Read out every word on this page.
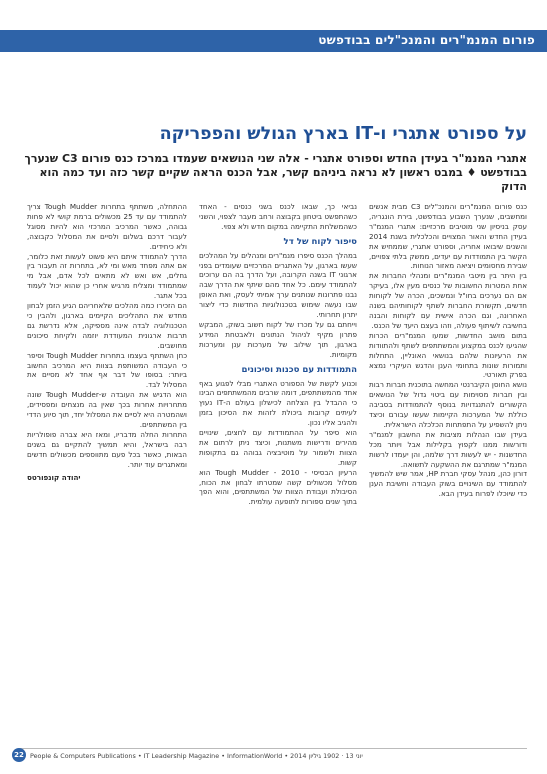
פורום המנמ"רים והמנכ"לים בבודפשט
על ספורט אתגרי ו-IT בארץ הגולש והפפריקה
אתגרי המנמ"ר בעידן החדש וספורט אתגרי - אלה שני הנושאים שעמדו במרכז כנס פורום C3 שנערך בבודפשט ♦ במבט ראשון לא נראה ביניהם קשר, אבל הכנס הראה שקיים קשר כזה ועד כמה הוא הדוק

כנס פורום המנמ"רים והמנכ"לים C3 מבית אנשים ומחשבים, שנערך השבוע בבודפשט, בירת הונגריה, עסק בניסיון שני מוטיבים מרכזיים: אתגרי המנמ"ר בעידן החדש והאור המצויים והכלכלית בשנת 2014 והשנים שיבואו אחריה, וספורט אתגרי, שממחיש את הקשר בין התמודדות עם יעדים, ממשק בלתי צפויים, שבירת מחסומים ויציאה מאזור הנוחות.

בין היתר בין מיטבי המנמ"רים ומנהלי החברות את אחת המטרות החשובות של כנסים מעין אלו, בעיקר אם הם נערכים בחו"ל ונמשכים, הכרה של לקוחות חדשים, תקשורת החברות לשתף לקוחותיהם בשנה האחרונה, וגם הכרה אישית עם לקוחות והבנה בחשיבה לשיתוף פעולה, וזהו בעצם היעד של הכנס.

בתום מושב החדשות, שמעו המנמ"רים הכרות שהגיעו לכנס במקצוע והמשתתפים לשתף ולהתוודות את הרעיונות שלהם בנושאי האונליין, התחלות ותמורות שונות בתחומי הענן והדגש העיקרי נמצא בפרק תאורטי.

נושא החוסן הקיברנטי המחשה בתוכנית חברות רבות ובין חברות מסוימות עם ביטוי גדול של הנושאים הקשורים להתנגדויות בנוסף להתמודדות בסביבה כוללת של המערכות הקיימות שעשו עבורם וכיצד ניתן להשפיע על התפתחות הכלכלה הישראלית.

בעידן שבו הנהלות מציבות את החשבון למנמ"ר ודורשות ממנו לקפוץ בקלילות אבל ויותר מכל החדשנות - יש לעשות דרך שלמה, והן יעמדו לרשות המנמ"ר שמתרגם את ההשקעה לתשואה.

דורון כהן, מנהל עסקי חברת HP, אמר שיש להמשיך להתמודד עם השינויים בשוק העבודה וחשיבת הענן כדי שיוכלו לפרוח בעידן הבא.

נביאי כך, שבאו לכנס בשני כנסים - האחד כשהתפשט ביטחון בקבוצה ורחב מעבר לצפוי, והשני כשהמשלחת התקיימה במקום חדש ולא צפוי.

סיפור לקוח של דל

במהלך הכנס סיפרו מנמ"רים ומנהלים על המהלכים שעשו בארגון, על האתגרים המרכזיים שעומדים בפני ארגוני IT בשנה הקרובה, ועל הדרך בה הם ערוכים להתמודד עימם. כל אחד מהם שיתף את הדרך שבה נבנו פתרונות שנותנים ערך אמיתי לעסק, ואת האופן שבו נעשה שימוש בטכנולוגיות החדשות כדי ליצור יתרון תחרותי.

וייחתם גם על מכרז של לקוח חשוב בשוק, המבקש פתרון מקיף לניהול הנתונים ולאבטחת המידע בארגון, תוך שילוב של מערכות ענן ומערכות מקומיות.

התמודדות עם סכנות וסיכונים

וכנוע לקשת של הספורט האתגרי מבלי לפגוע באף אחד מהמשתתפים, דומה שרבים מהמשתתפים הבינו כי ההבדל בין הצלחה לכישלון בעולם ה-IT נעוץ לעיתים קרובות ביכולת לזהות את הסיכון בזמן ולהגיב אליו נכון.

הוא סיפר על ההתמודדות עם לחצים, שינויים מהירים ודרישות משתנות, וכיצד ניתן לרתום את הצוות ולשמור על מוטיבציה גבוהה גם בתקופות קשות.

הרעיון הבסיסי - Tough Mudder - 2010 הוא מסלול מכשולים קשה שמטרתו לבחון את הכוח, הסיבולת ועבודת הצוות של המשתתפים, והוא הפך בתוך שנים ספורות לתופעה עולמית.

ההתחלה, משתתף בתחרות Tough Mudder צריך להתמודד עם עד 25 מכשולים ברמת קושי לא פחות גבוהה, כאשר המרכיב המרכזי הוא להיות מסוגל לעבור דרכם בשלום ולסיים את המסלול כקבוצה, ולא כיחידים.

הדרך להתמודד איתם היא פשוט לעשות זאת כלומר, אם אתה מפחד מאש ומי לא, בתחרות זה תעבור בין גחלים, אש ואש לא מתאים לכל אדם, אבל מי שמתמודד ומצליח מרגיש אחרי כן שהוא יכול לעמוד בכל אתגר.

הם הזכירו כמה מהלכים שלאחריהם הגיע הזמן לבחון מחדש את התהליכים הקיימים בארגון, ולהבין כי הטכנולוגיה לבדה אינה מספיקה, אלא נדרשת גם תרבות ארגונית המעודדת יוזמה ולקיחת סיכונים מחושבים.

כחן השתתף בעצמו בתחרות Tough Mudder וסיפר כי העבודה המשותפת בצוות היא המרכיב החשוב ביותר: בסופו של דבר אף אחד לא מסיים את המסלול לבד.

הוא הדגיש את העובדה ש-Tough Mudder שונה מתחרויות אחרות בכך שאין בה מנצחים ומפסידים, ושהמטרה היא לסיים את המסלול יחד, תוך סיוע הדדי בין המשתתפים.

התחרות החלה מדבריו, ומאז היא צברה פופולריות רבה בישראל, והיא תמשיך להתקיים גם בשנים הבאות, כאשר בכל פעם מתווספים מכשולים חדשים ומאתגרים עוד יותר.

יהודה קונפורטס
22 People & Computers Publications • IT Leadership Magazine • InformationWorld • 2014 יוני 13 · 1902 גיליון
